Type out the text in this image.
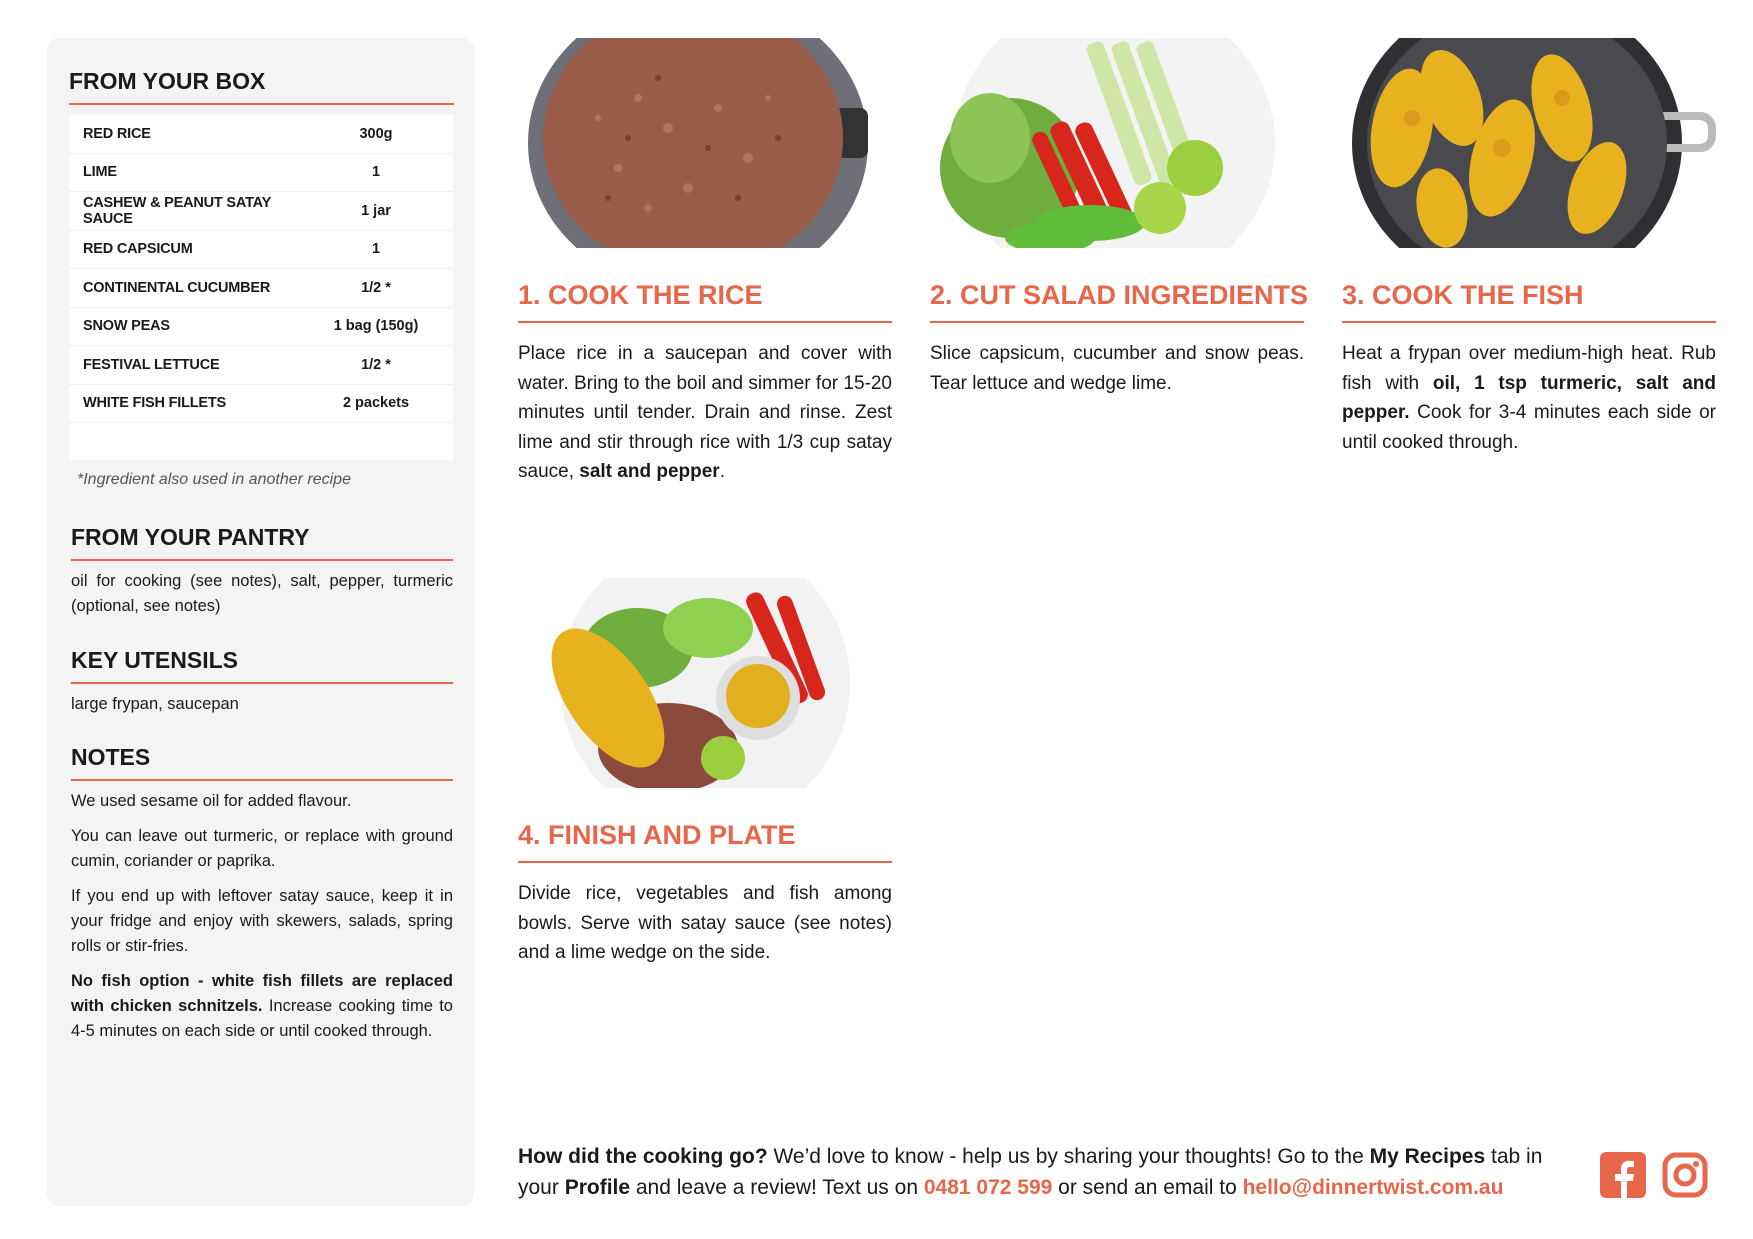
FROM YOUR BOX
RED RICE	300g
LIME	1
CASHEW & PEANUT SATAY SAUCE	1 jar
RED CAPSICUM	1
CONTINENTAL CUCUMBER	1/2 *
SNOW PEAS	1 bag (150g)
FESTIVAL LETTUCE	1/2 *
WHITE FISH FILLETS	2 packets
*Ingredient also used in another recipe
FROM YOUR PANTRY
oil for cooking (see notes), salt, pepper, turmeric (optional, see notes)
KEY UTENSILS
large frypan, saucepan
NOTES

We used sesame oil for added flavour.

You can leave out turmeric, or replace with ground cumin, coriander or paprika.

If you end up with leftover satay sauce, keep it in your fridge and enjoy with skewers, salads, spring rolls or stir-fries.

No fish option - white fish fillets are replaced with chicken schnitzels. Increase cooking time to 4-5 minutes on each side or until cooked through.

1. COOK THE RICE
Place rice in a saucepan and cover with water. Bring to the boil and simmer for 15-20 minutes until tender. Drain and rinse. Zest lime and stir through rice with 1/3 cup satay sauce, salt and pepper.
2. CUT SALAD INGREDIENTS
Slice capsicum, cucumber and snow peas. Tear lettuce and wedge lime.
3. COOK THE FISH
Heat a frypan over medium-high heat. Rub fish with oil, 1 tsp turmeric, salt and pepper. Cook for 3-4 minutes each side or until cooked through.
4. FINISH AND PLATE
Divide rice, vegetables and fish among bowls. Serve with satay sauce (see notes) and a lime wedge on the side.
How did the cooking go? We’d love to know - help us by sharing your thoughts! Go to the My Recipes tab in your Profile and leave a review! Text us on 0481 072 599 or send an email to hello@dinnertwist.com.au
